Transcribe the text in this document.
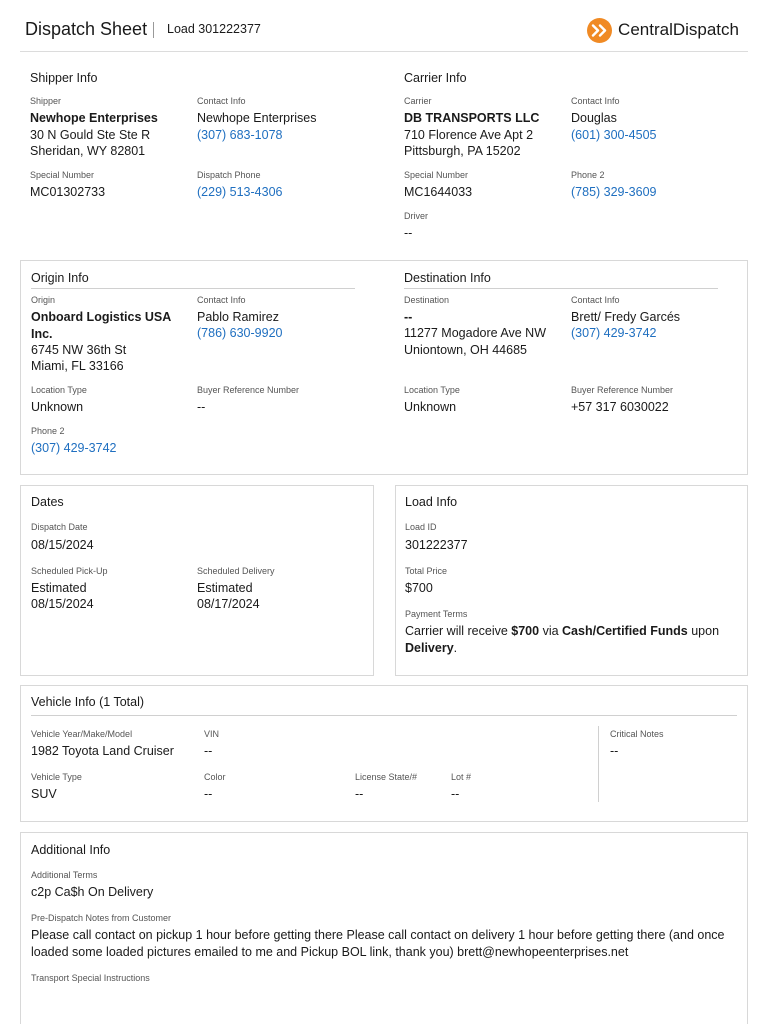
Dispatch Sheet Load 301222377	CentralDispatch
Shipper Info
Shipper
Newhope Enterprises
30 N Gould Ste Ste R
Sheridan, WY 82801
Contact Info
Newhope Enterprises
(307) 683-1078
Special Number
MC01302733
Dispatch Phone
(229) 513-4306
Carrier Info
Carrier
DB TRANSPORTS LLC
710 Florence Ave Apt 2
Pittsburgh, PA 15202
Contact Info
Douglas
(601) 300-4505
Special Number
MC1644033
Phone 2
(785) 329-3609
Driver
--
Origin Info
Origin
Onboard Logistics USA Inc.
6745 NW 36th St
Miami, FL 33166
Contact Info
Pablo Ramirez
(786) 630-9920
Location Type
Unknown
Buyer Reference Number
--
Phone 2
(307) 429-3742
Destination Info
Destination
--
11277 Mogadore Ave NW
Uniontown, OH 44685
Contact Info
Brett/ Fredy Garcés
(307) 429-3742
Location Type
Unknown
Buyer Reference Number
+57 317 6030022
Dates
Dispatch Date
08/15/2024
Scheduled Pick-Up
Estimated
08/15/2024
Scheduled Delivery
Estimated
08/17/2024
Load Info
Load ID
301222377
Total Price
$700
Payment Terms
Carrier will receive $700 via Cash/Certified Funds upon
Delivery.
Vehicle Info (1 Total)
Vehicle Year/Make/Model
1982 Toyota Land Cruiser
VIN
--
Vehicle Type
SUV
Color
--
License State/#
--
Lot #
--
Critical Notes
--
Additional Info
Additional Terms
c2p Ca$h On Delivery
Pre-Dispatch Notes from Customer
Please call contact on pickup 1 hour before getting there Please call contact on delivery 1 hour before getting there (and once loaded some loaded pictures emailed to me and Pickup BOL link, thank you) brett@newhopeenterprises.net
Transport Special Instructions
